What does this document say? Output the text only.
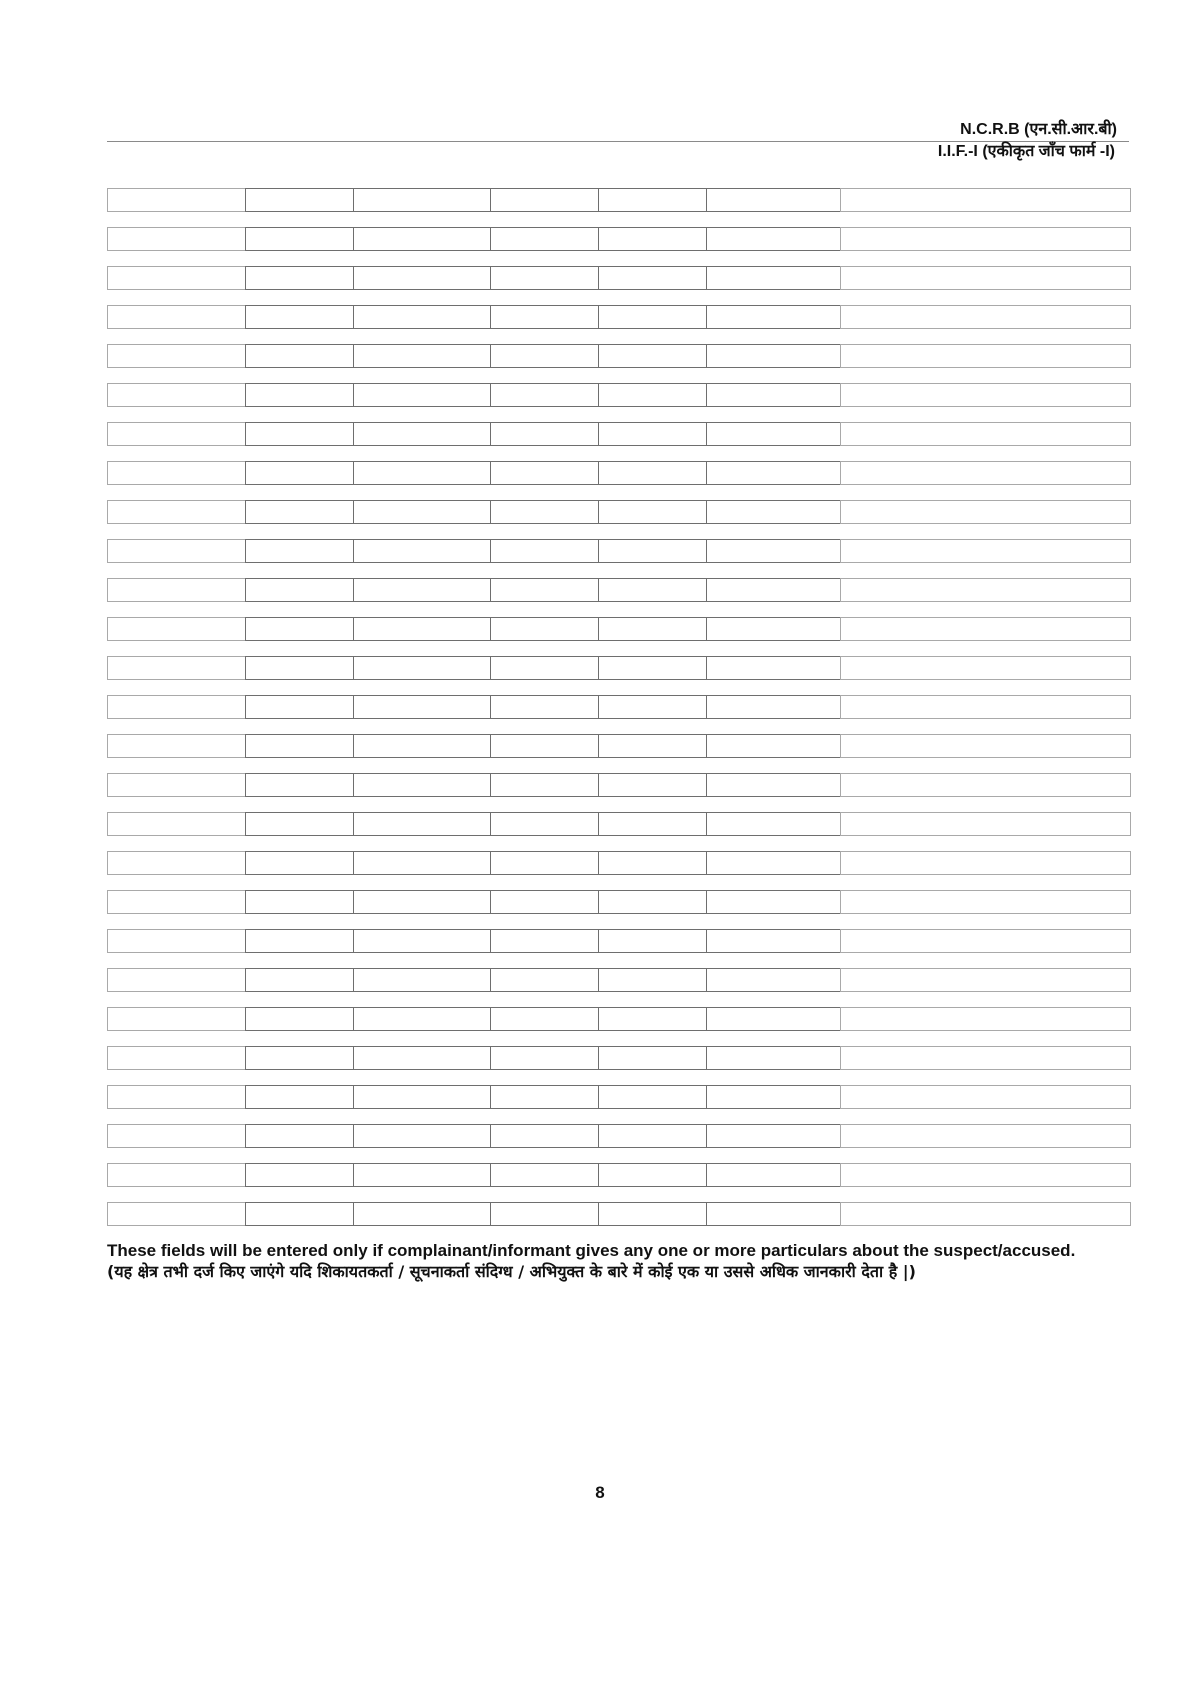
N.C.R.B (एन.सी.आर.बी)
I.I.F.-I (एकीकृत जाँच फार्म -I)
These fields will be entered only if complainant/informant gives any one or more particulars about the suspect/accused.
(यह क्षेत्र तभी दर्ज किए जाएंगे यदि शिकायतकर्ता / सूचनाकर्ता संदिग्ध / अभियुक्त के बारे में कोई एक या उससे अधिक जानकारी देता है |)
8
